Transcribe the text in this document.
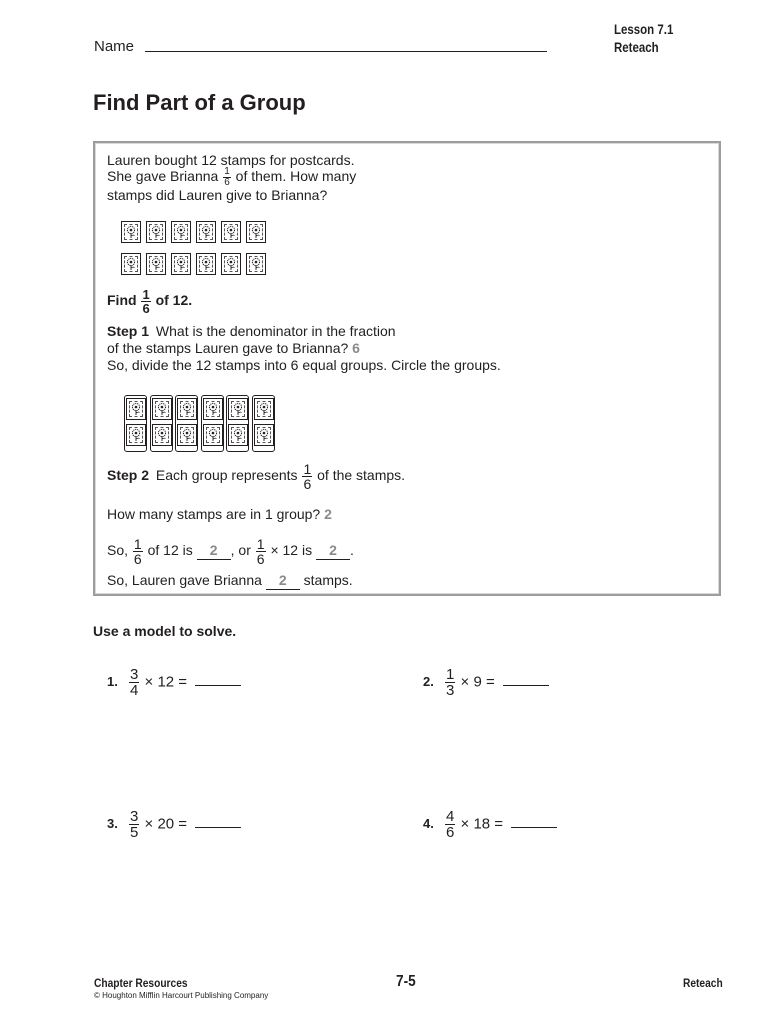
Name
Lesson 7.1
Reteach
Find Part of a Group
Lauren bought 12 stamps for postcards.
She gave Brianna $\frac{1}{6}$ of them. How many
stamps did Lauren give to Brianna?
Find $\frac{1}{6}$ of 12.
Step 1 What is the denominator in the fraction
of the stamps Lauren gave to Brianna? 6
So, divide the 12 stamps into 6 equal groups. Circle the groups.
Step 2 Each group represents $\frac{1}{6}$ of the stamps.
How many stamps are in 1 group? 2
So, $\frac{1}{6}$ of 12 is 2 , or $\frac{1}{6} \times 12$ is 2 .
So, Lauren gave Brianna 2 stamps.
Use a model to solve.
1. $\frac{3}{4} \times 12$ =	2. $\frac{1}{3} \times 9$ =
3. $\frac{3}{5} \times 20$ =	4. $\frac{4}{6} \times 18$ =
Chapter Resources
© Houghton Mifflin Harcourt Publishing Company
7-5	Reteach
